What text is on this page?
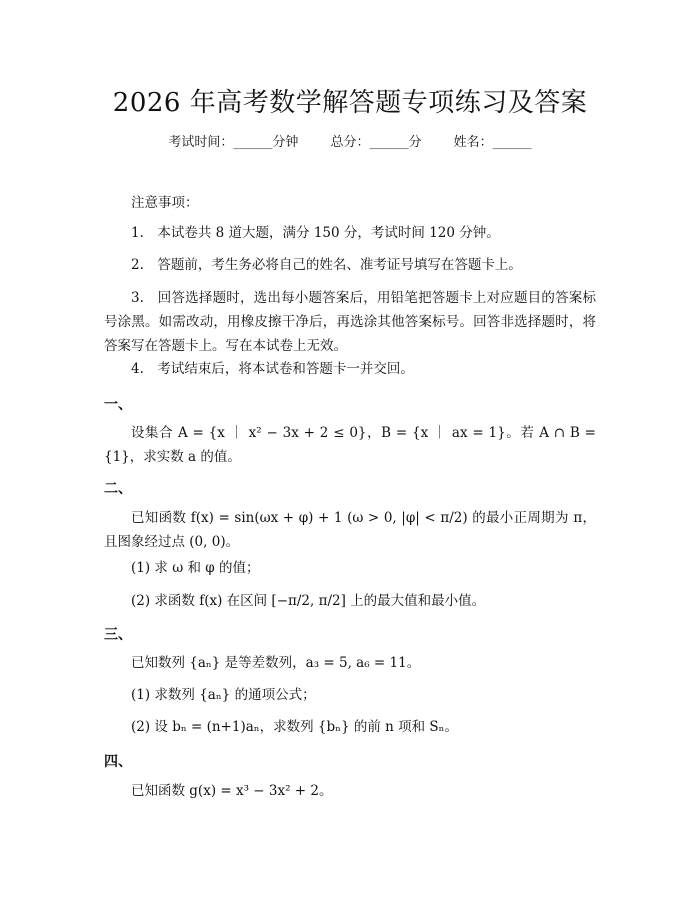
2026 年高考数学解答题专项练习及答案
考试时间：______分钟 总分：______分 姓名：______
注意事项：
1.　本试卷共 8 道大题，满分 150 分，考试时间 120 分钟。
2.　答题前，考生务必将自己的姓名、准考证号填写在答题卡上。
3.　回答选择题时，选出每小题答案后，用铅笔把答题卡上对应题目的答案标号涂黑。如需改动，用橡皮擦干净后，再选涂其他答案标号。回答非选择题时，将答案写在答题卡上。写在本试卷上无效。
4.　考试结束后，将本试卷和答题卡一并交回。
一、
设集合 A = {x ｜ x² − 3x + 2 ≤ 0}，B = {x ｜ ax = 1}。若 A ∩ B = {1}，求实数 a 的值。
二、
已知函数 f(x) = sin(ωx + φ) + 1 (ω > 0, |φ| < π/2) 的最小正周期为 π，且图象经过点 (0, 0)。
(1) 求 ω 和 φ 的值；
(2) 求函数 f(x) 在区间 [−π/2, π/2] 上的最大值和最小值。
三、
已知数列 {aₙ} 是等差数列，a₃ = 5, a₆ = 11。
(1) 求数列 {aₙ} 的通项公式；
(2) 设 bₙ = (n+1)aₙ，求数列 {bₙ} 的前 n 项和 Sₙ。
四、
已知函数 g(x) = x³ − 3x² + 2。
